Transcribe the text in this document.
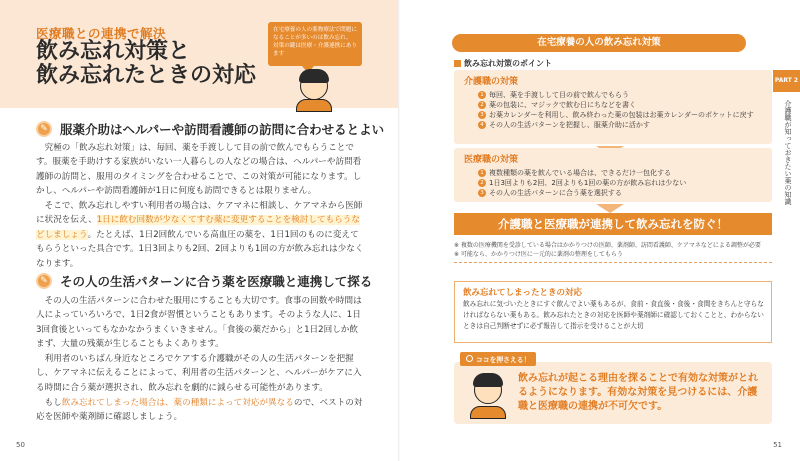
医療職との連携で解決
飲み忘れ対策と
飲み忘れたときの対応
在宅療養の人の薬物療法で問題になることが多いのは飲み忘れ。対策の鍵は医療・介護連携にあります
✎ 服薬介助はヘルパーや訪問看護師の訪問に合わせるとよい

究極の「飲み忘れ対策」は、毎回、薬を手渡しして目の前で飲んでもらうことです。服薬を手助けする家族がいない一人暮らしの人などの場合は、ヘルパーや訪問看護師の訪問と、服用のタイミングを合わせることで、この対策が可能になります。しかし、ヘルパーや訪問看護師が1日に何度も訪問できるとは限りません。

そこで、飲み忘れしやすい利用者の場合は、ケアマネに相談し、ケアマネから医師に状況を伝え、1日に飲む回数が少なくてすむ薬に変更することを検討してもらうなどしましょう。たとえば、1日2回飲んでいる高血圧の薬を、1日1回のものに変えてもらうといった具合です。1日3回よりも2回、2回よりも1回の方が飲み忘れは少なくなります。

✎ その人の生活パターンに合う薬を医療職と連携して探る

その人の生活パターンに合わせた服用にすることも大切です。食事の回数や時間は人によっていろいろで、1日2食が習慣ということもあります。そのような人に、1日3回食後といってもなかなかうまくいきません。「食後の薬だから」と1日2回しか飲まず、大量の残薬が生じることもよくあります。

利用者のいちばん身近なところでケアする介護職がその人の生活パターンを把握し、ケアマネに伝えることによって、利用者の生活パターンと、ヘルパーがケアに入る時間に合う薬が選択され、飲み忘れを劇的に減らせる可能性があります。

もし飲み忘れてしまった場合は、薬の種類によって対応が異なるので、ベストの対応を医師や薬剤師に確認しましょう。

50
在宅療養の人の飲み忘れ対策
飲み忘れ対策のポイント
介護職の対策
1 毎回、薬を手渡しして目の前で飲んでもらう
2 薬の包装に、マジックで飲む日にちなどを書く
3 お薬カレンダーを利用し、飲み終わった薬の包装はお薬カレンダーのポケットに戻す
4 その人の生活パターンを把握し、服薬介助に活かす
医療職の対策
1 複数種類の薬を飲んでいる場合は、できるだけ一包化する
2 1日3回よりも2回、2回よりも1回の薬の方が飲み忘れは少ない
3 その人の生活パターンに合う薬を選択する
介護職と医療職が連携して飲み忘れを防ぐ！
※ 複数の医療機関を受診している場合はかかりつけの医師、薬剤師、訪問看護師、ケアマネなどによる調整が必要
※ 可能なら、かかりつけ医に一元的に薬剤の整理をしてもらう
飲み忘れてしまったときの対応
飲み忘れに気づいたときにすぐ飲んでよい薬もあるが、食前・食直後・食後・食間をきちんと守らなければならない薬もある。飲み忘れたときの対応を医師や薬剤師に確認しておくことと、わからないときは自己判断せずに必ず報告して指示を受けることが大切
飲み忘れが起こる理由を探ることで有効な対策がとれるようになります。有効な対策を見つけるには、介護職と医療職の連携が不可欠です。
ココを押さえる！
PART 2
介護職が知っておきたい薬の知識
51
